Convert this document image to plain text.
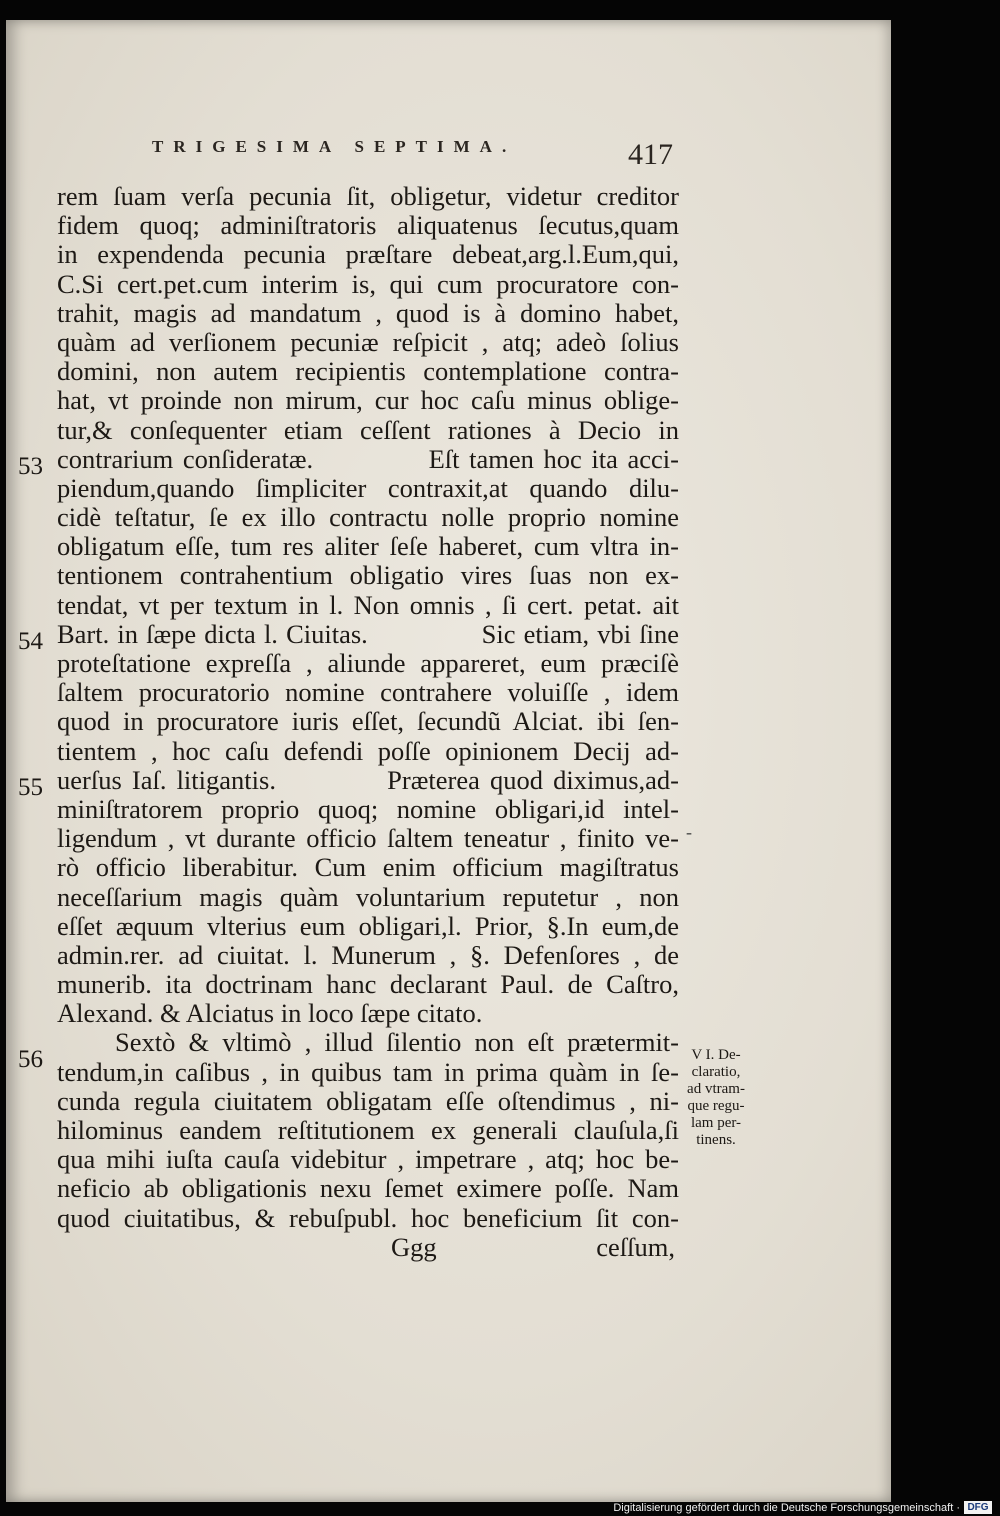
TRIGESIMA SEPTIMA.	417
rem ſuam verſa pecunia ſit, obligetur, videtur creditor
fidem quoq; adminiſtratoris aliquatenus ſecutus,quam
in expendenda pecunia præſtare debeat,arg.l.Eum,qui,
C.Si cert.pet.cum interim is, qui cum procuratore con-
trahit, magis ad mandatum , quod is à domino habet,
quàm ad verſionem pecuniæ reſpicit , atq; adeò ſolius
domini, non autem recipientis contemplatione contra-
hat, vt proinde non mirum, cur hoc caſu minus oblige-
tur,& conſequenter etiam ceſſent rationes à Decio in
contrarium conſideratæ.            Eſt tamen hoc ita acci-
piendum,quando ſimpliciter contraxit,at quando dilu-
cidè teſtatur, ſe ex illo contractu nolle proprio nomine
obligatum eſſe, tum res aliter ſeſe haberet, cum vltra in-
tentionem contrahentium obligatio vires ſuas non ex-
tendat, vt per textum in l. Non omnis , ſi cert. petat. ait
Bart. in ſæpe dicta l. Ciuitas.              Sic etiam, vbi ſine
proteſtatione expreſſa , aliunde appareret, eum præciſè
ſaltem procuratorio nomine contrahere voluiſſe , idem
quod in procuratore iuris eſſet, ſecundũ Alciat. ibi ſen-
tientem , hoc caſu defendi poſſe opinionem Decij ad-
uerſus Iaſ. litigantis.           Præterea quod diximus,ad-
miniſtratorem proprio quoq; nomine obligari,id intel-
ligendum , vt durante officio ſaltem teneatur , finito ve-
rò officio liberabitur. Cum enim officium magiſtratus
neceſſarium magis quàm voluntarium reputetur , non
eſſet æquum vlterius eum obligari,l. Prior, §.In eum,de
admin.rer. ad ciuitat. l. Munerum , §. Defenſores , de
munerib. ita doctrinam hanc declarant Paul. de Caſtro,
Alexand. & Alciatus in loco ſæpe citato.
Sextò & vltimò , illud ſilentio non eſt prætermit-
tendum,in caſibus , in quibus tam in prima quàm in ſe-
cunda regula ciuitatem obligatam eſſe oſtendimus , ni-
hilominus eandem reſtitutionem ex generali clauſula,ſi
qua mihi iuſta cauſa videbitur , impetrare , atq; hoc be-
neficio ab obligationis nexu ſemet eximere poſſe. Nam
quod ciuitatibus, & rebuſpubl. hoc beneficium ſit con-
Ggg	ceſſum,
53
54
55
56	V I. De-
claratio,
ad vtram-
que regu-
lam per-
tinens.
-
Digitalisierung gefördert durch die Deutsche Forschungsgemeinschaft · DFG
